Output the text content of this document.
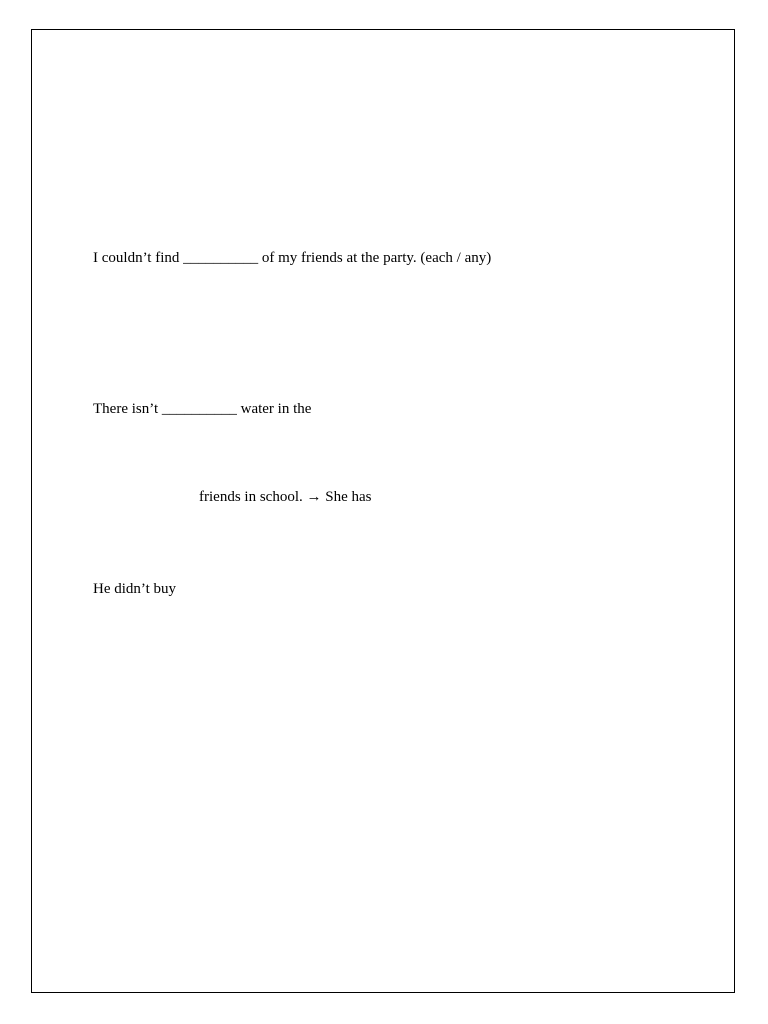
I couldn’t find __________ of my friends at the party. (each / any)
There isn’t __________ water in the
friends in school. → She has
He didn’t buy
